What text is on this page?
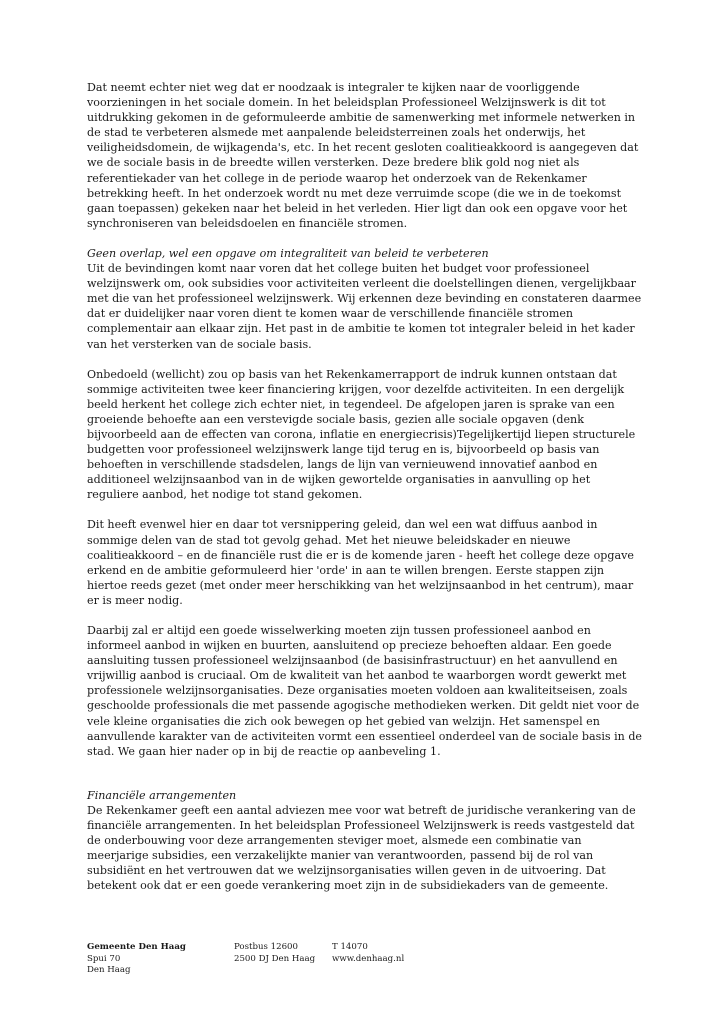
Dat neemt echter niet weg dat er noodzaak is integraler te kijken naar de voorliggende voorzieningen in het sociale domein. In het beleidsplan Professioneel Welzijnswerk is dit tot uitdrukking gekomen in de geformuleerde ambitie de samenwerking met informele netwerken in de stad te verbeteren alsmede met aanpalende beleidsterreinen zoals het onderwijs, het veiligheidsdomein, de wijkagenda's, etc. In het recent gesloten coalitieakkoord is aangegeven dat we de sociale basis in de breedte willen versterken. Deze bredere blik gold nog niet als referentiekader van het college in de periode waarop het onderzoek van de Rekenkamer betrekking heeft. In het onderzoek wordt nu met deze verruimde scope (die we in de toekomst gaan toepassen) gekeken naar het beleid in het verleden. Hier ligt dan ook een opgave voor het synchroniseren van beleidsdoelen en financiële stromen.

Geen overlap, wel een opgave om integraliteit van beleid te verbeteren

Uit de bevindingen komt naar voren dat het college buiten het budget voor professioneel welzijnswerk om, ook subsidies voor activiteiten verleent die doelstellingen dienen, vergelijkbaar met die van het professioneel welzijnswerk. Wij erkennen deze bevinding en constateren daarmee dat er duidelijker naar voren dient te komen waar de verschillende financiële stromen complementair aan elkaar zijn. Het past in de ambitie te komen tot integraler beleid in het kader van het versterken van de sociale basis.

Onbedoeld (wellicht) zou op basis van het Rekenkamerrapport de indruk kunnen ontstaan dat sommige activiteiten twee keer financiering krijgen, voor dezelfde activiteiten. In een dergelijk beeld herkent het college zich echter niet, in tegendeel. De afgelopen jaren is sprake van een groeiende behoefte aan een verstevigde sociale basis, gezien alle sociale opgaven (denk bijvoorbeeld aan de effecten van corona, inflatie en energiecrisis)Tegelijkertijd liepen structurele budgetten voor professioneel welzijnswerk lange tijd terug en is, bijvoorbeeld op basis van behoeften in verschillende stadsdelen, langs de lijn van vernieuwend innovatief aanbod en additioneel welzijnsaanbod van in de wijken gewortelde organisaties in aanvulling op het reguliere aanbod, het nodige tot stand gekomen.

Dit heeft evenwel hier en daar tot versnippering geleid, dan wel een wat diffuus aanbod in sommige delen van de stad tot gevolg gehad. Met het nieuwe beleidskader en nieuwe coalitieakkoord – en de financiële rust die er is de komende jaren - heeft het college deze opgave erkend en de ambitie geformuleerd hier 'orde' in aan te willen brengen. Eerste stappen zijn hiertoe reeds gezet (met onder meer herschikking van het welzijnsaanbod in het centrum), maar er is meer nodig.

Daarbij zal er altijd een goede wisselwerking moeten zijn tussen professioneel aanbod en informeel aanbod in wijken en buurten, aansluitend op precieze behoeften aldaar. Een goede aansluiting tussen professioneel welzijnsaanbod (de basisinfrastructuur) en het aanvullend en vrijwillig aanbod is cruciaal. Om de kwaliteit van het aanbod te waarborgen wordt gewerkt met professionele welzijnsorganisaties. Deze organisaties moeten voldoen aan kwaliteitseisen, zoals geschoolde professionals die met passende agogische methodieken werken. Dit geldt niet voor de vele kleine organisaties die zich ook bewegen op het gebied van welzijn. Het samenspel en aanvullende karakter van de activiteiten vormt een essentieel onderdeel van de sociale basis in de stad. We gaan hier nader op in bij de reactie op aanbeveling 1.

Financiële arrangementen

De Rekenkamer geeft een aantal adviezen mee voor wat betreft de juridische verankering van de financiële arrangementen. In het beleidsplan Professioneel Welzijnswerk is reeds vastgesteld dat de onderbouwing voor deze arrangementen steviger moet, alsmede een combinatie van meerjarige subsidies, een verzakelijkte manier van verantwoorden, passend bij de rol van subsidiënt en het vertrouwen dat we welzijnsorganisaties willen geven in de uitvoering. Dat betekent ook dat er een goede verankering moet zijn in de subsidiekaders van de gemeente.

Gemeente Den Haag
Spui 70
Den Haag
Postbus 12600
2500 DJ Den Haag
T 14070
www.denhaag.nl
